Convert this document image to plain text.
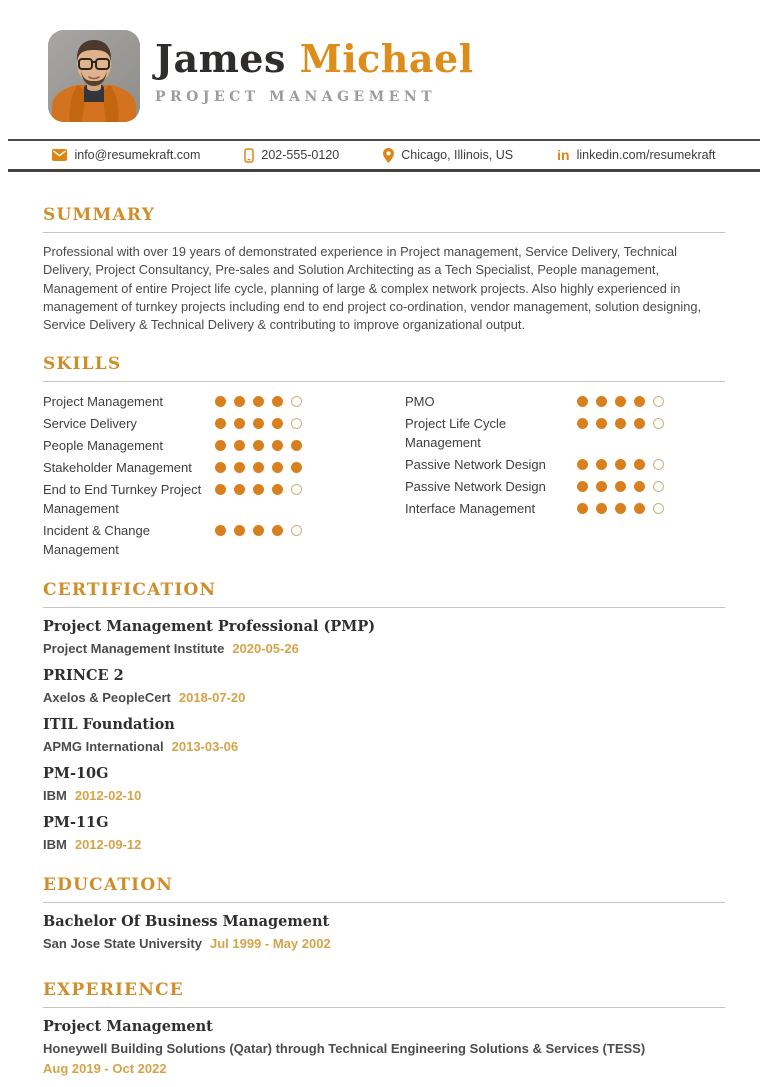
James Michael
PROJECT MANAGEMENT
info@resumekraft.com	202-555-0120	Chicago, Illinois, US	in linkedin.com/resumekraft
SUMMARY

Professional with over 19 years of demonstrated experience in Project management, Service Delivery, Technical Delivery, Project Consultancy, Pre-sales and Solution Architecting as a Tech Specialist, People management, Management of entire Project life cycle, planning of large & complex network projects. Also highly experienced in management of turnkey projects including end to end project co-ordination, vendor management, solution designing, Service Delivery & Technical Delivery & contributing to improve organizational output.

SKILLS
Project Management
Service Delivery
People Management
Stakeholder Management
End to End Turnkey Project Management
Incident & Change Management
PMO
Project Life Cycle Management
Passive Network Design
Passive Network Design
Interface Management
CERTIFICATION
Project Management Professional (PMP)
Project Management Institute 2020-05-26
PRINCE 2
Axelos & PeopleCert 2018-07-20
ITIL Foundation
APMG International 2013-03-06
PM-10G
IBM 2012-02-10
PM-11G
IBM 2012-09-12
EDUCATION
Bachelor Of Business Management
San Jose State University Jul 1999 - May 2002
EXPERIENCE
Project Management
Honeywell Building Solutions (Qatar) through Technical Engineering Solutions & Services (TESS)
Aug 2019 - Oct 2022
